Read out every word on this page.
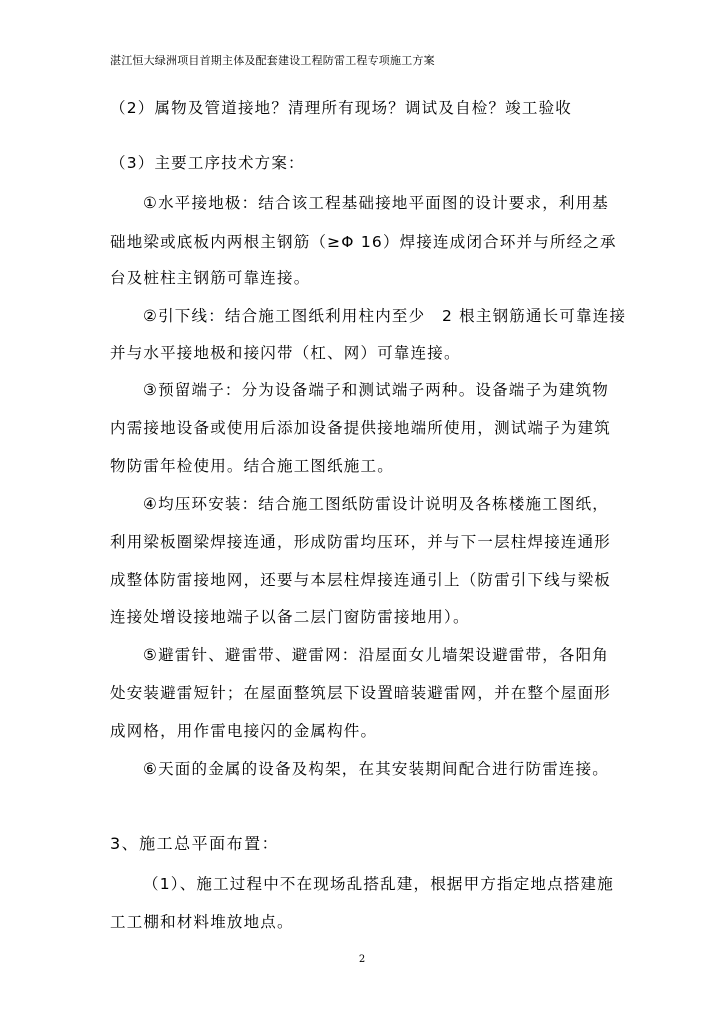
湛江恒大绿洲项目首期主体及配套建设工程防雷工程专项施工方案
（2）属物及管道接地？清理所有现场？调试及自检？竣工验收
（3）主要工序技术方案：
①水平接地极：结合该工程基础接地平面图的设计要求，利用基
础地梁或底板内两根主钢筋（≥Φ 16）焊接连成闭合环并与所经之承
台及桩柱主钢筋可靠连接。
②引下线：结合施工图纸利用柱内至少　2 根主钢筋通长可靠连接
并与水平接地极和接闪带（杠、网）可靠连接。
③预留端子：分为设备端子和测试端子两种。设备端子为建筑物
内需接地设备或使用后添加设备提供接地端所使用，测试端子为建筑
物防雷年检使用。结合施工图纸施工。
④均压环安装：结合施工图纸防雷设计说明及各栋楼施工图纸，
利用梁板圈梁焊接连通，形成防雷均压环，并与下一层柱焊接连通形
成整体防雷接地网，还要与本层柱焊接连通引上（防雷引下线与梁板
连接处增设接地端子以备二层门窗防雷接地用）。
⑤避雷针、避雷带、避雷网：沿屋面女儿墙架设避雷带，各阳角
处安装避雷短针；在屋面整筑层下设置暗装避雷网，并在整个屋面形
成网格，用作雷电接闪的金属构件。
⑥天面的金属的设备及构架，在其安装期间配合进行防雷连接。
3、施工总平面布置：
（1）、施工过程中不在现场乱搭乱建，根据甲方指定地点搭建施
工工棚和材料堆放地点。
2
